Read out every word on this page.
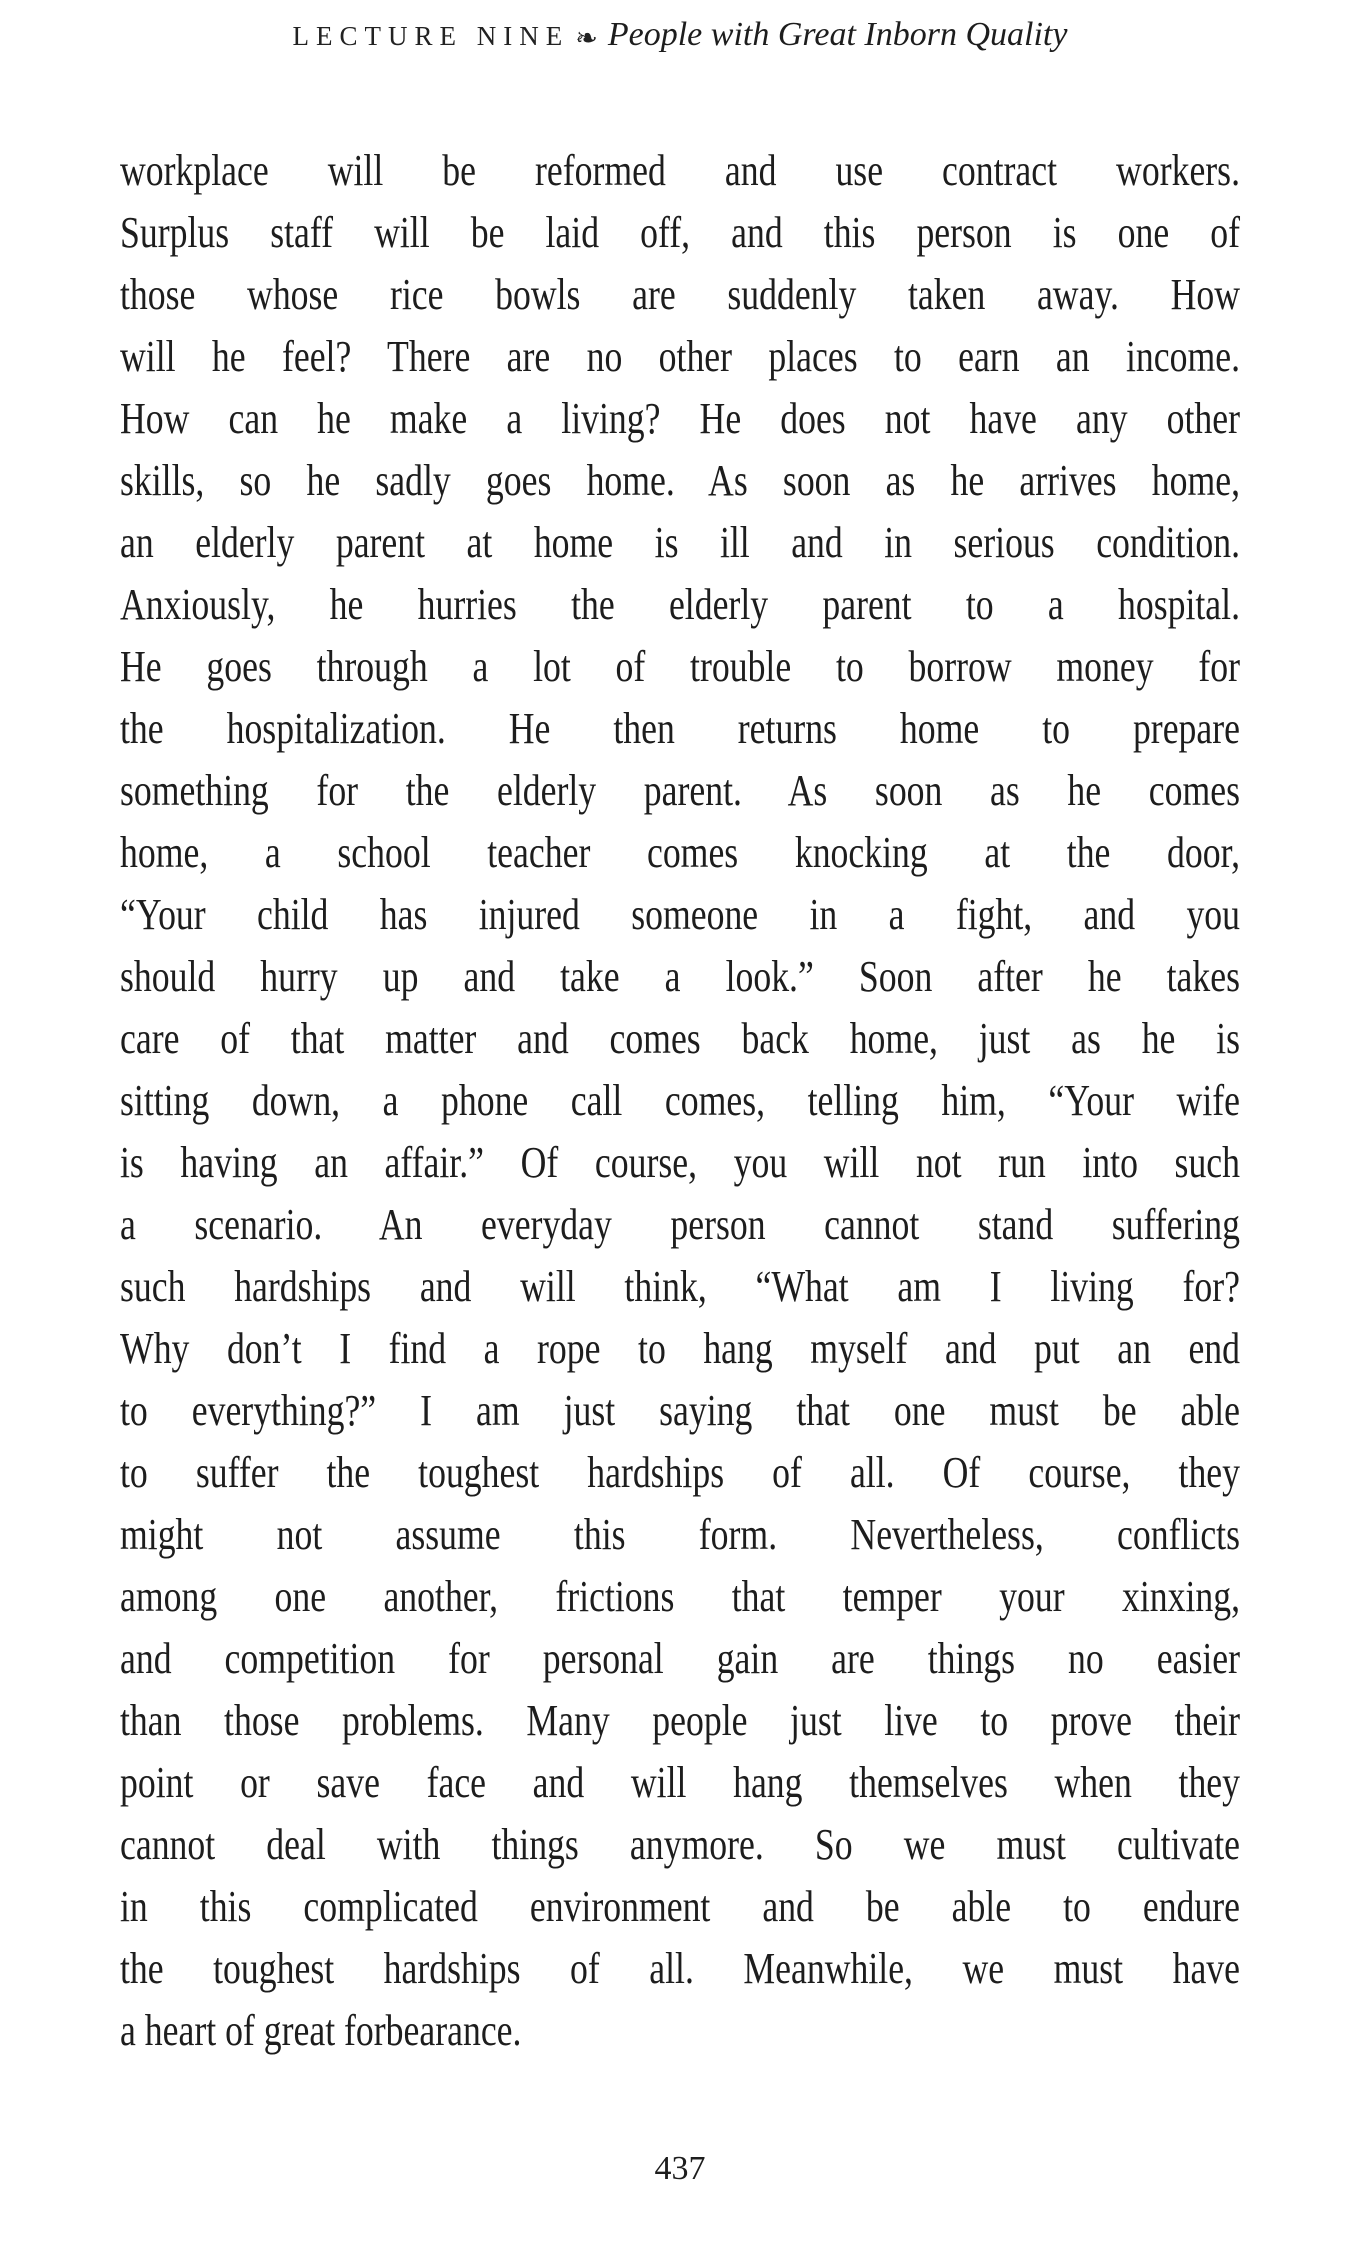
LECTURE NINE ❧ People with Great Inborn Quality
workplace will be reformed and use contract workers.
Surplus staff will be laid off, and this person is one of
those whose rice bowls are suddenly taken away. How
will he feel? There are no other places to earn an income.
How can he make a living? He does not have any other
skills, so he sadly goes home. As soon as he arrives home,
an elderly parent at home is ill and in serious condition.
Anxiously, he hurries the elderly parent to a hospital.
He goes through a lot of trouble to borrow money for
the hospitalization. He then returns home to prepare
something for the elderly parent. As soon as he comes
home, a school teacher comes knocking at the door,
“Your child has injured someone in a fight, and you
should hurry up and take a look.” Soon after he takes
care of that matter and comes back home, just as he is
sitting down, a phone call comes, telling him, “Your wife
is having an affair.” Of course, you will not run into such
a scenario. An everyday person cannot stand suffering
such hardships and will think, “What am I living for?
Why don’t I find a rope to hang myself and put an end
to everything?” I am just saying that one must be able
to suffer the toughest hardships of all. Of course, they
might not assume this form. Nevertheless, conflicts
among one another, frictions that temper your xinxing,
and competition for personal gain are things no easier
than those problems. Many people just live to prove their
point or save face and will hang themselves when they
cannot deal with things anymore. So we must cultivate
in this complicated environment and be able to endure
the toughest hardships of all. Meanwhile, we must have
a heart of great forbearance.
437
